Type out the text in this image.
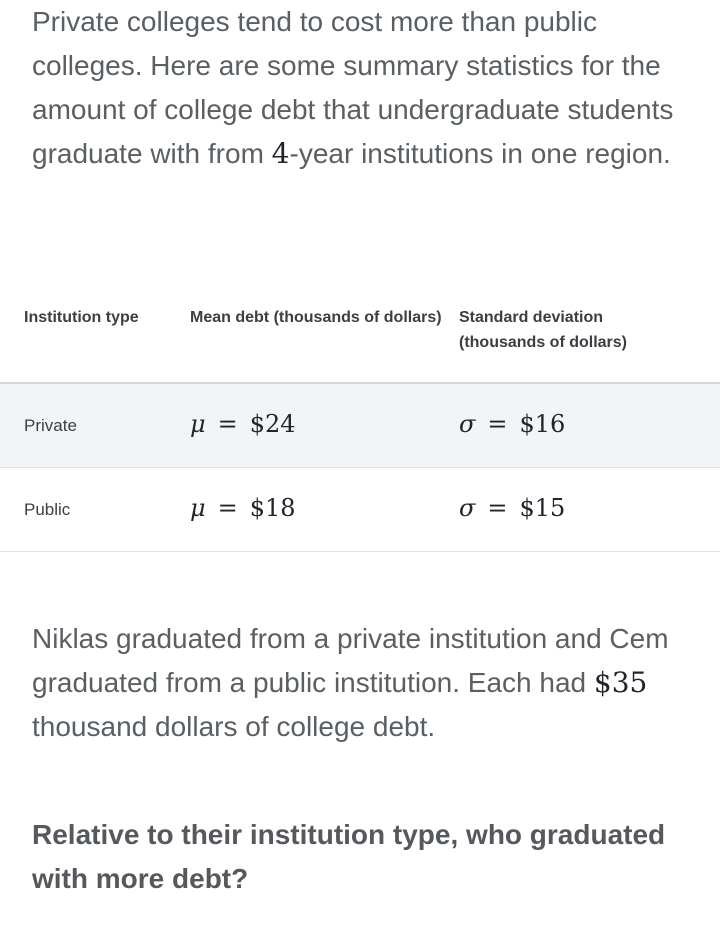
Private colleges tend to cost more than public colleges. Here are some summary statistics for the amount of college debt that undergraduate students graduate with from 4-year institutions in one region.

Institution type	Mean debt (thousands of dollars)	Standard deviation (thousands of dollars)
Private	μ = $24	σ = $16
Public	μ = $18	σ = $15

Niklas graduated from a private institution and Cem graduated from a public institution. Each had $35 thousand dollars of college debt.

Relative to their institution type, who graduated with more debt?
